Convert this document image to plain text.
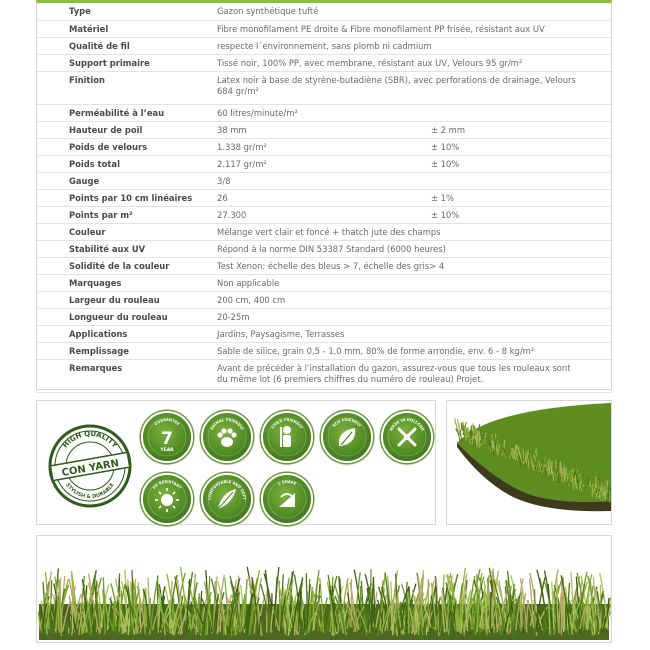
Type	Gazon synthétique tufté	
Matériel	Fibre monofilament PE droite & Fibre monofilament PP frisée, résistant aux UV	
Qualité de fil	respecte l´environnement, sans plomb ni cadmium	
Support primaire	Tissé noir, 100% PP, avec membrane, résistant aux UV, Velours 95 gr/m²	
Finition	Latex noir à base de styrène-butadiène (SBR), avec perforations de drainage, Velours 684 gr/m²	
Perméabilité à l’eau	60 litres/minute/m²	
Hauteur de poil	38 mm	± 2 mm
Poids de velours	1.338 gr/m²	± 10%
Poids total	2.117 gr/m²	± 10%
Gauge	3/8	
Points par 10 cm linéaires	26	± 1%
Points par m²	27.300	± 10%
Couleur	Mélange vert clair et foncé + thatch jute des champs	
Stabilité aux UV	Répond à la norme DIN 53387 Standard (6000 heures)	
Solidité de la couleur	Test Xenon: échelle des bleus > 7, échelle des gris> 4	
Marquages	Non applicable	
Largeur du rouleau	200 cm, 400 cm	
Longueur du rouleau	20-25m	
Applications	Jardins, Paysagisme, Terrasses	
Remplissage	Sable de silice, grain 0,5 - 1,0 mm, 80% de forme arrondie, env. 6 - 8 kg/m²	
Remarques	Avant de précéder à l’installation du gazon, assurez-vous que tous les rouleaux sont du même lot (6 premiers chiffres du numéro de rouleau) Projet.	
HIGH QUALITY
STYLISH & DURABLE
CON YARN
GUARANTEE
7
YEAR
ANIMAL FRIENDLY	CHILD FRIENDLY	ECO FRIENDLY
MADE IN HOLLAND
UV RESISTANT
COMFORTABLE AND SOFT
C SHAPE
